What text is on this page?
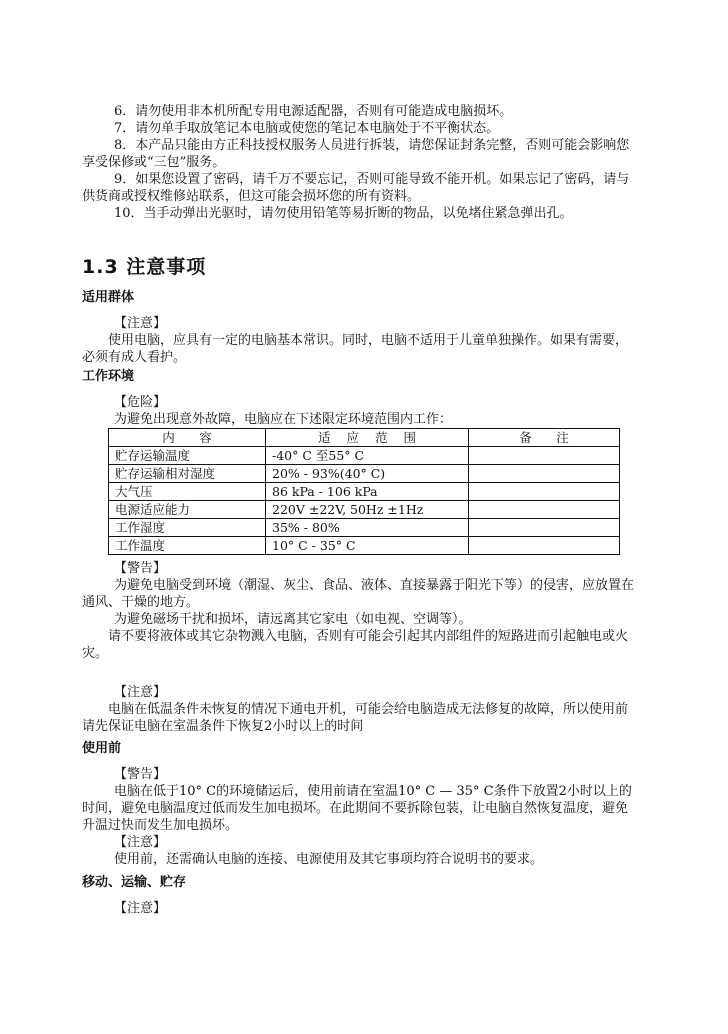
6．请勿使用非本机所配专用电源适配器，否则有可能造成电脑损坏。

7．请勿单手取放笔记本电脑或使您的笔记本电脑处于不平衡状态。

8．本产品只能由方正科技授权服务人员进行拆装，请您保证封条完整，否则可能会影响您享受保修或“三包”服务。

9．如果您设置了密码，请千万不要忘记，否则可能导致不能开机。如果忘记了密码，请与供货商或授权维修站联系，但这可能会损坏您的所有资料。

10．当手动弹出光驱时，请勿使用铅笔等易折断的物品，以免堵住紧急弹出孔。

1.3 注意事项

适用群体

【注意】

使用电脑，应具有一定的电脑基本常识。同时，电脑不适用于儿童单独操作。如果有需要，必须有成人看护。

工作环境

【危险】

为避免出现意外故障，电脑应在下述限定环境范围内工作：

内　容	适 应 范 围	备　注
贮存运输温度	-40° C 至55° C	
贮存运输相对湿度	20% - 93%(40° C)	
大气压	86 kPa - 106 kPa	
电源适应能力	220V ±22V, 50Hz ±1Hz	
工作湿度	35% - 80%	
工作温度	10° C - 35° C	

【警告】

为避免电脑受到环境（潮湿、灰尘、食品、液体、直接暴露于阳光下等）的侵害，应放置在通风、干燥的地方。

为避免磁场干扰和损坏，请远离其它家电（如电视、空调等）。

请不要将液体或其它杂物溅入电脑，否则有可能会引起其内部组件的短路进而引起触电或火灾。

【注意】

电脑在低温条件未恢复的情况下通电开机，可能会给电脑造成无法修复的故障，所以使用前请先保证电脑在室温条件下恢复2小时以上的时间

使用前

【警告】

电脑在低于10° C的环境储运后，使用前请在室温10° C — 35° C条件下放置2小时以上的时间，避免电脑温度过低而发生加电损坏。在此期间不要拆除包装，让电脑自然恢复温度，避免升温过快而发生加电损坏。

【注意】

使用前，还需确认电脑的连接、电源使用及其它事项均符合说明书的要求。

移动、运输、贮存

【注意】
